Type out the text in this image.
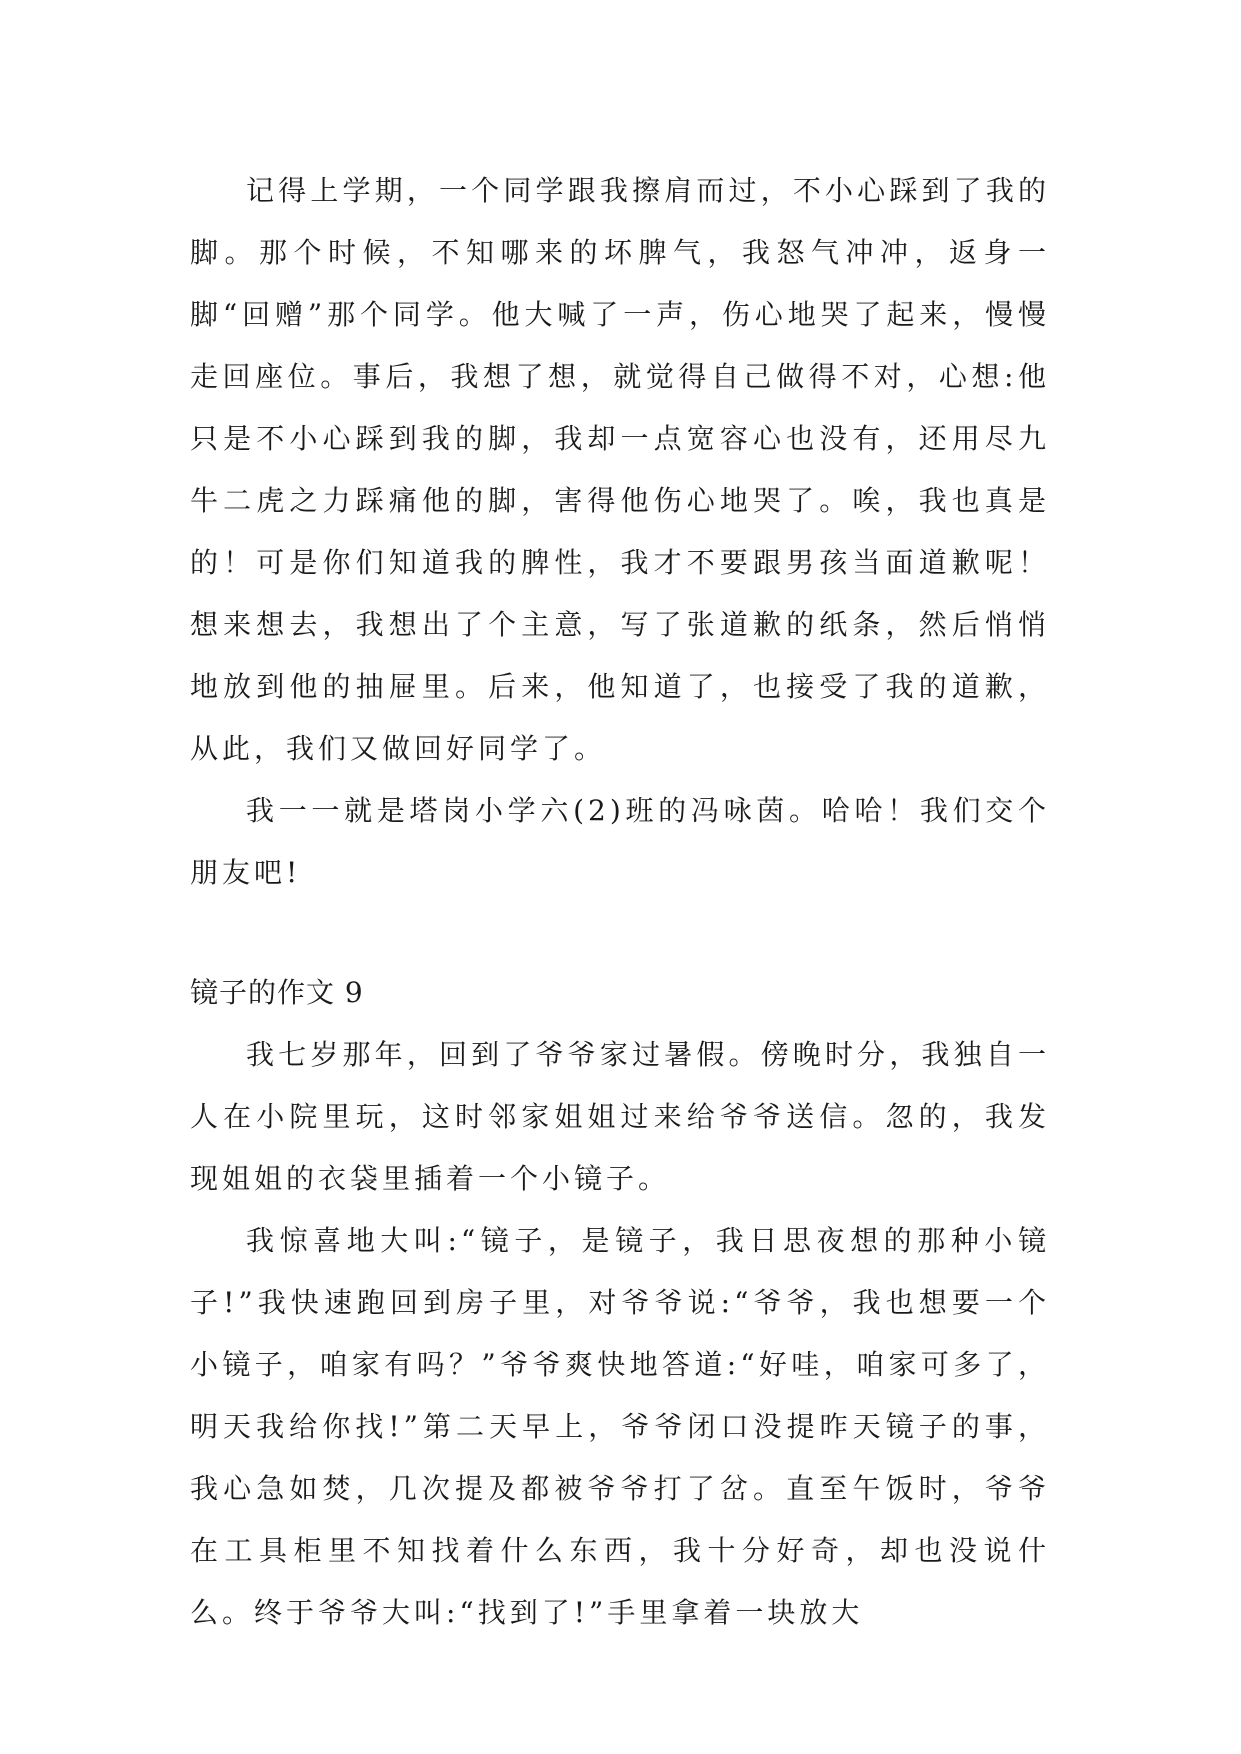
记得上学期，一个同学跟我擦肩而过，不小心踩到了我的脚。那个时候，不知哪来的坏脾气，我怒气冲冲，返身一脚“回赠”那个同学。他大喊了一声，伤心地哭了起来，慢慢走回座位。事后，我想了想，就觉得自己做得不对，心想:他只是不小心踩到我的脚，我却一点宽容心也没有，还用尽九牛二虎之力踩痛他的脚，害得他伤心地哭了。唉，我也真是的！可是你们知道我的脾性，我才不要跟男孩当面道歉呢！想来想去，我想出了个主意，写了张道歉的纸条，然后悄悄地放到他的抽屉里。后来，他知道了，也接受了我的道歉，从此，我们又做回好同学了。

我一一就是塔岗小学六(2)班的冯咏茵。哈哈！我们交个朋友吧!

镜子的作文 9

我七岁那年，回到了爷爷家过暑假。傍晚时分，我独自一人在小院里玩，这时邻家姐姐过来给爷爷送信。忽的，我发现姐姐的衣袋里插着一个小镜子。

我惊喜地大叫:“镜子，是镜子，我日思夜想的那种小镜子!”我快速跑回到房子里，对爷爷说:“爷爷，我也想要一个小镜子，咱家有吗？”爷爷爽快地答道:“好哇，咱家可多了，明天我给你找!”第二天早上，爷爷闭口没提昨天镜子的事，我心急如焚，几次提及都被爷爷打了岔。直至午饭时，爷爷在工具柜里不知找着什么东西，我十分好奇，却也没说什么。终于爷爷大叫:“找到了!”手里拿着一块放大
